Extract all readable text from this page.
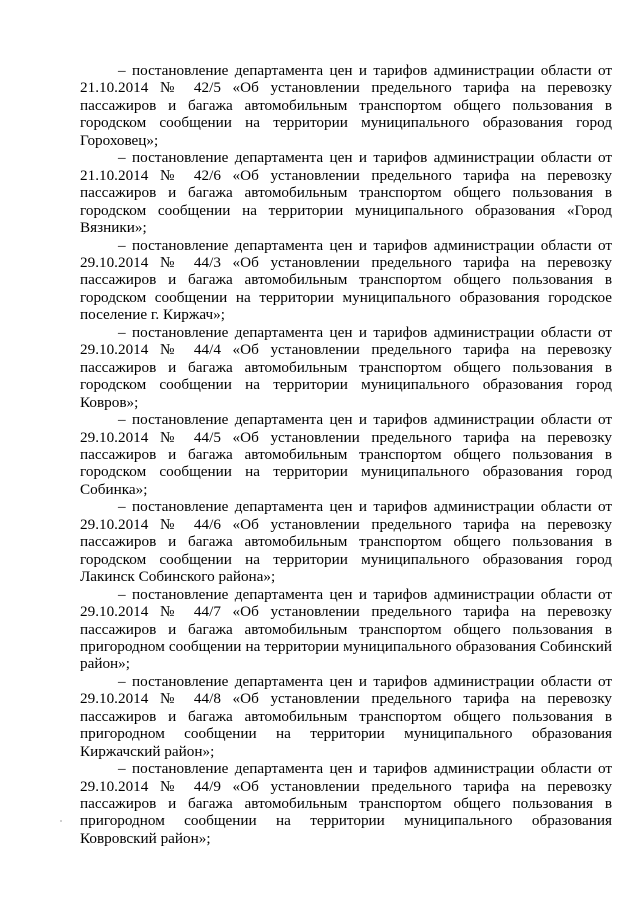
– постановление департамента цен и тарифов администрации области от 21.10.2014 № 42/5 «Об установлении предельного тарифа на перевозку пассажиров и багажа автомобильным транспортом общего пользования в городском сообщении на территории муниципального образования город Гороховец»;

– постановление департамента цен и тарифов администрации области от 21.10.2014 № 42/6 «Об установлении предельного тарифа на перевозку пассажиров и багажа автомобильным транспортом общего пользования в городском сообщении на территории муниципального образования «Город Вязники»;

– постановление департамента цен и тарифов администрации области от 29.10.2014 № 44/3 «Об установлении предельного тарифа на перевозку пассажиров и багажа автомобильным транспортом общего пользования в городском сообщении на территории муниципального образования городское поселение г. Киржач»;

– постановление департамента цен и тарифов администрации области от 29.10.2014 № 44/4 «Об установлении предельного тарифа на перевозку пассажиров и багажа автомобильным транспортом общего пользования в городском сообщении на территории муниципального образования город Ковров»;

– постановление департамента цен и тарифов администрации области от 29.10.2014 № 44/5 «Об установлении предельного тарифа на перевозку пассажиров и багажа автомобильным транспортом общего пользования в городском сообщении на территории муниципального образования город Собинка»;

– постановление департамента цен и тарифов администрации области от 29.10.2014 № 44/6 «Об установлении предельного тарифа на перевозку пассажиров и багажа автомобильным транспортом общего пользования в городском сообщении на территории муниципального образования город Лакинск Собинского района»;

– постановление департамента цен и тарифов администрации области от 29.10.2014 № 44/7 «Об установлении предельного тарифа на перевозку пассажиров и багажа автомобильным транспортом общего пользования в пригородном сообщении на территории муниципального образования Собинский район»;

– постановление департамента цен и тарифов администрации области от 29.10.2014 № 44/8 «Об установлении предельного тарифа на перевозку пассажиров и багажа автомобильным транспортом общего пользования в пригородном сообщении на территории муниципального образования Киржачский район»;

– постановление департамента цен и тарифов администрации области от 29.10.2014 № 44/9 «Об установлении предельного тарифа на перевозку пассажиров и багажа автомобильным транспортом общего пользования в пригородном сообщении на территории муниципального образования Ковровский район»;
